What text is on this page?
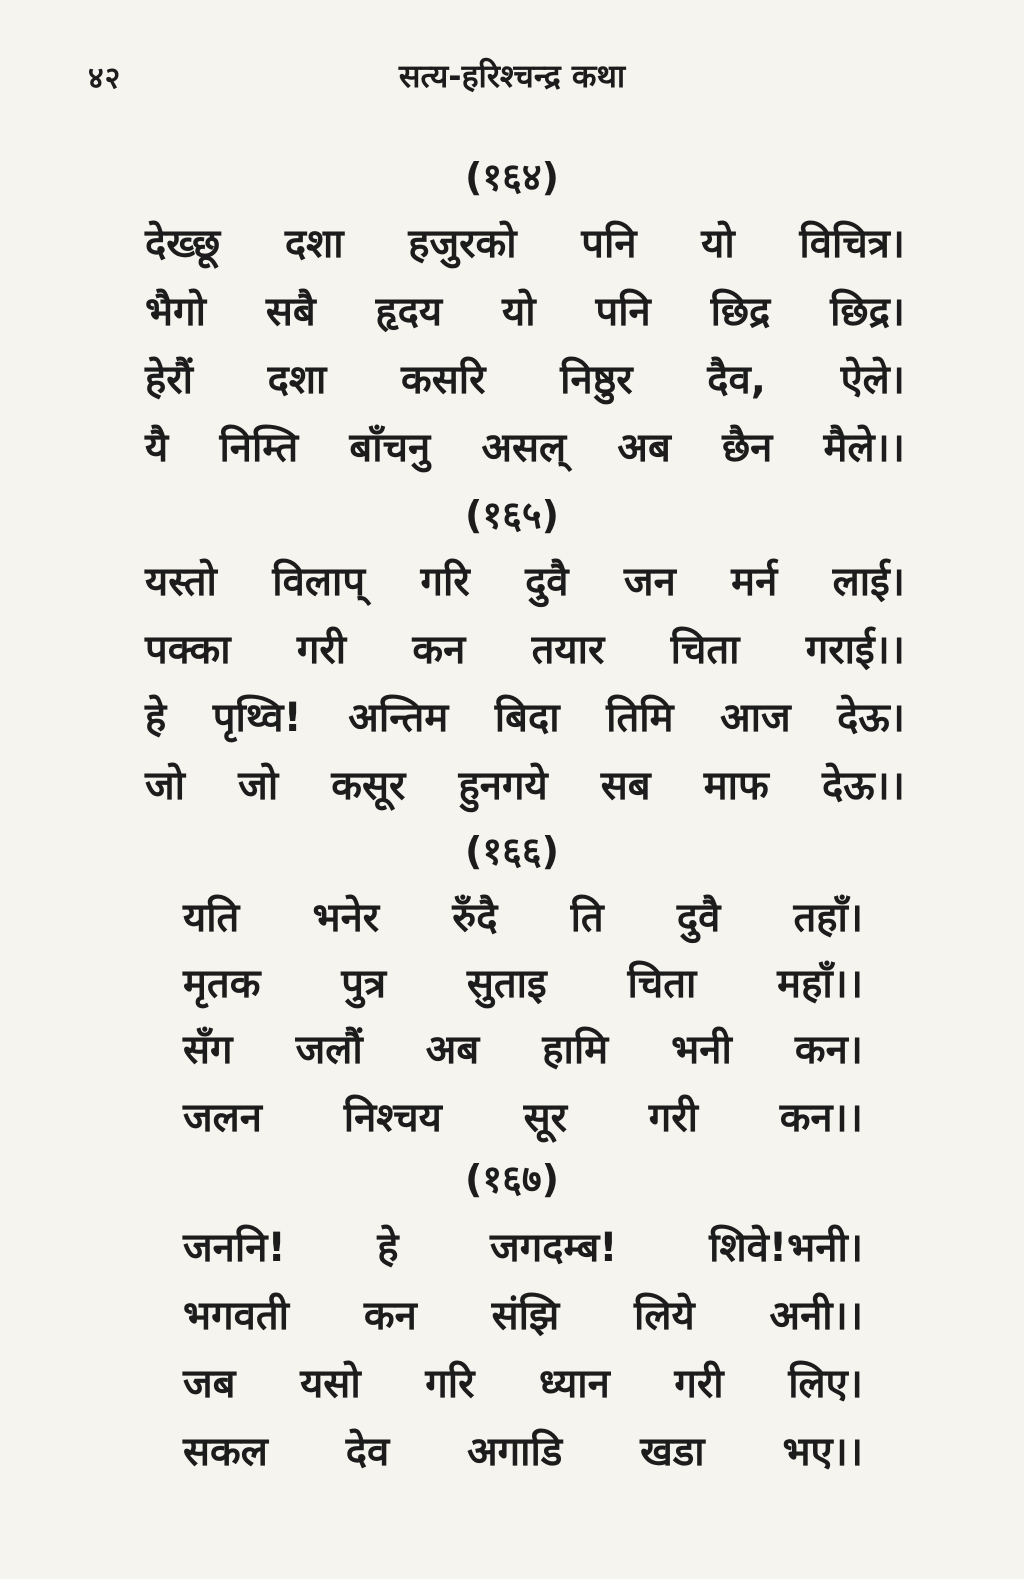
४२	सत्य-हरिश्चन्द्र कथा
(१६४)
देख्छू दशा हजुरको पनि यो विचित्र।
भैगो सबै हृदय यो पनि छिद्र छिद्र।
हेरौं दशा कसरि निष्ठुर दैव, ऐले।
यै निम्ति बाँचनु असल् अब छैन मैले।।
(१६५)
यस्तो विलाप् गरि दुवै जन मर्न लाई।
पक्का गरी कन तयार चिता गराई।।
हे पृथ्वि! अन्तिम बिदा तिमि आज देऊ।
जो जो कसूर हुनगये सब माफ देऊ।।
(१६६)
यति भनेर रुँदै ति दुवै तहाँ।
मृतक पुत्र सुताइ चिता महाँ।।
सँग जलौं अब हामि भनी कन।
जलन निश्चय सूर गरी कन।।
(१६७)
जननि! हे जगदम्ब! शिवे!भनी।
भगवती कन संझि लिये अनी।।
जब यसो गरि ध्यान गरी लिए।
सकल देव अगाडि खडा भए।।
